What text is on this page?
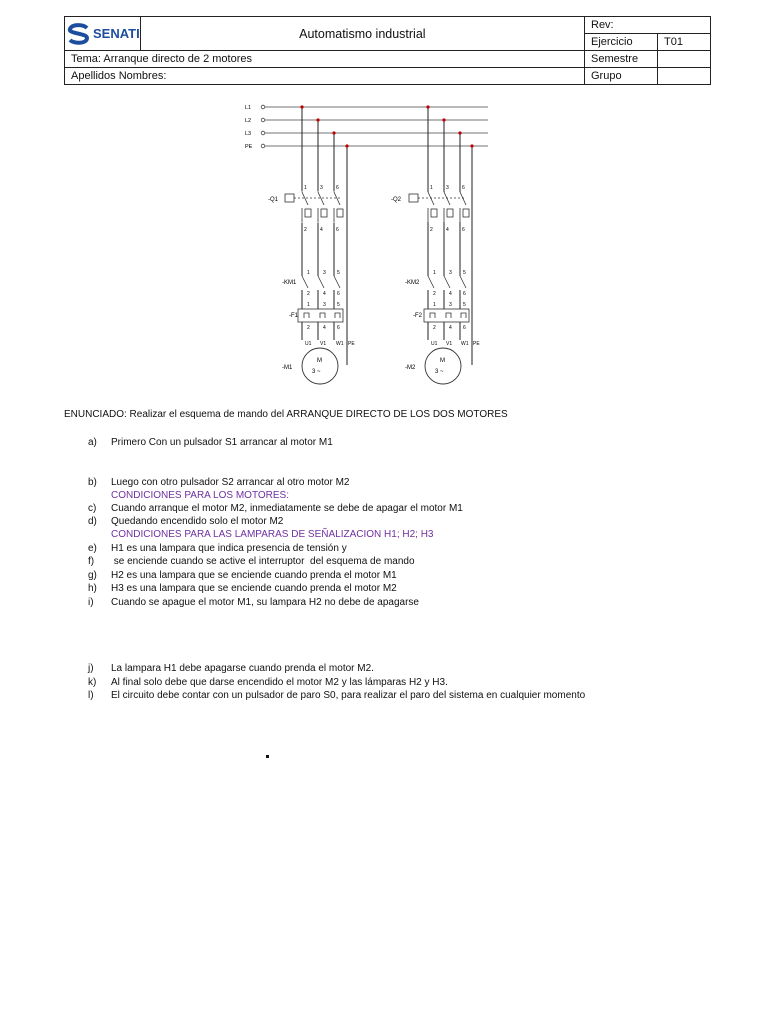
SENATI	Automatismo industrial	Rev:	
		Ejercicio	T01
Tema: Arranque directo de 2 motores		Semestre	
Apellidos Nombres:		Grupo	
L1
L2
L3
PE
-Q1
1	3	6
2	4	6
-KM1
1	3 5
2	4 6
-F1
1	3 5
2	4 6
U1 V1 W1 PE
M
3 ~
-M1
-Q2
1	3	6
2	4	6
-KM2
1	3 5
2	4 6
-F2
1	3 5
2	4 6
U1 V1 W1 PE
M
3 ~
-M2
ENUNCIADO: Realizar el esquema de mando del ARRANQUE DIRECTO DE LOS DOS MOTORES
a) Primero Con un pulsador S1 arrancar al motor M1
b) Luego con otro pulsador S2 arrancar al otro motor M2
CONDICIONES PARA LOS MOTORES:
c) Cuando arranque el motor M2, inmediatamente se debe de apagar el motor M1
d) Quedando encendido solo el motor M2
CONDICIONES PARA LAS LAMPARAS DE SEÑALIZACION H1; H2; H3
e) H1 es una lampara que indica presencia de tensión y
f) se enciende cuando se active el interruptor  del esquema de mando
g) H2 es una lampara que se enciende cuando prenda el motor M1
h) H3 es una lampara que se enciende cuando prenda el motor M2
i) Cuando se apague el motor M1, su lampara H2 no debe de apagarse
j) La lampara H1 debe apagarse cuando prenda el motor M2.
k) Al final solo debe que darse encendido el motor M2 y las lámparas H2 y H3.
l) El circuito debe contar con un pulsador de paro S0, para realizar el paro del sistema en cualquier momento
